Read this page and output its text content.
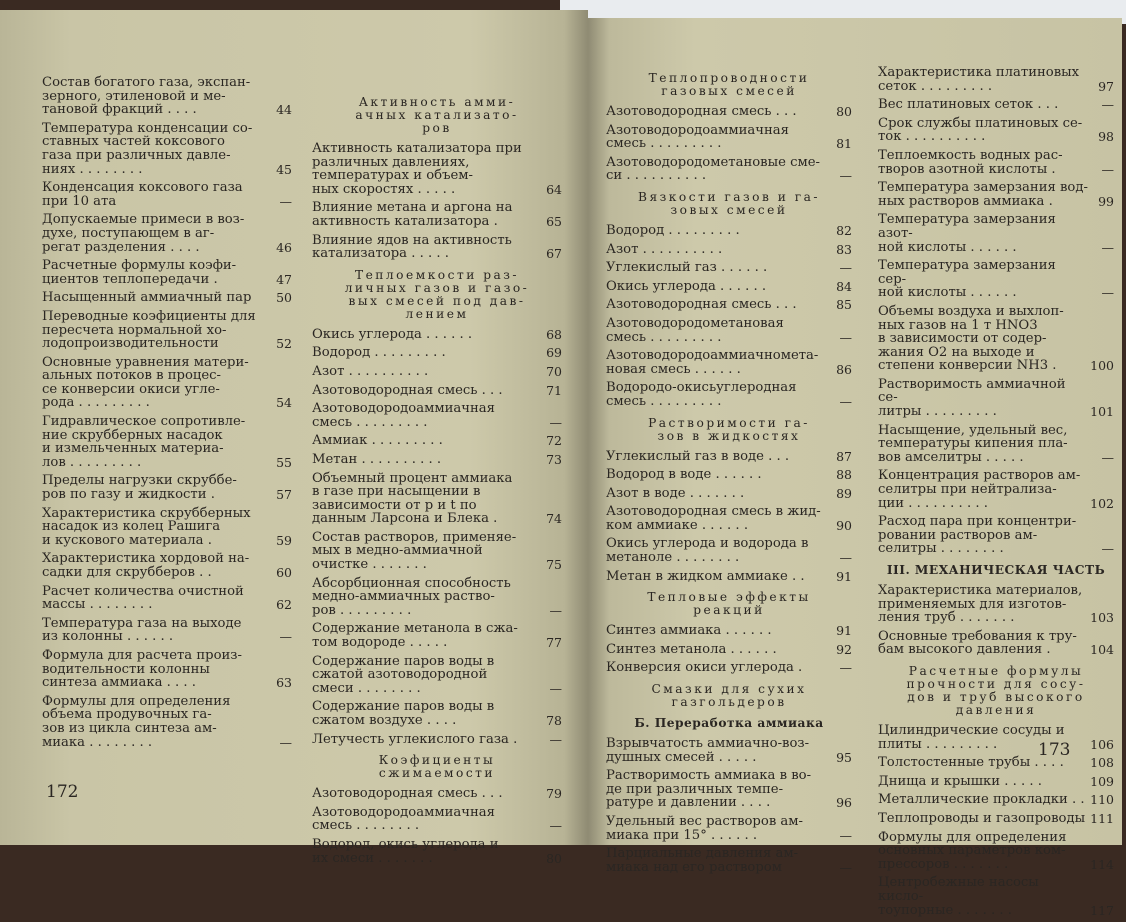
Состав богатого газа, экспан-
зерного, этиленовой и ме-
тановой фракций . . . .	44
Температура конденсации со-
ставных частей коксового
газа при различных давле-
ниях . . . . . . . .	45
Конденсация коксового газа
при 10 ата	—
Допускаемые примеси в воз-
духе, поступающем в аг-
регат разделения . . . .	46
Расчетные формулы коэфи-
циентов теплопередачи .	47
Насыщенный аммиачный пар	50
Переводные коэфициенты для
пересчета нормальной хо-
лодопроизводительности	52
Основные уравнения матери-
альных потоков в процес-
се конверсии окиси угле-
рода . . . . . . . . .	54
Гидравлическое сопротивле-
ние скрубберных насадок
и измельченных материа-
лов . . . . . . . . .	55
Пределы нагрузки скруббе-
ров по газу и жидкости .	57
Характеристика скрубберных
насадок из колец Рашига
и кускового материала .	59
Характеристика хордовой на-
садки для скрубберов . .	60
Расчет количества очистной
массы . . . . . . . .	62
Температура газа на выходе
из колонны . . . . . .	—
Формула для расчета произ-
водительности колонны
синтеза аммиака . . . .	63
Формулы для определения
объема продувочных га-
зов из цикла синтеза ам-
миака . . . . . . . .	—
Активность амми-
ачных катализато-
ров
Активность катализатора при
различных давлениях,
температурах и объем-
ных скоростях . . . . .	64
Влияние метана и аргона на
активность катализатора .	65
Влияние ядов на активность
катализатора . . . . .	67
Теплоемкости раз-
личных газов и газо-
вых смесей под дав-
лением
Окись углерода . . . . . .	68
Водород . . . . . . . . .	69
Азот . . . . . . . . . .	70
Азотоводородная смесь . . .	71
Азотоводородоаммиачная
смесь . . . . . . . . .	—
Аммиак . . . . . . . . .	72
Метан . . . . . . . . . .	73
Объемный процент аммиака
в газе при насыщении в
зависимости от p и t по
данным Ларсона и Блека .	74
Состав растворов, применяе-
мых в медно-аммиачной
очистке . . . . . . .	75
Абсорбционная способность
медно-аммиачных раство-
ров . . . . . . . . .	—
Содержание метанола в сжа-
том водороде . . . . .	77
Содержание паров воды в
сжатой азотоводородной
смеси . . . . . . . .	—
Содержание паров воды в
сжатом воздухе . . . .	78
Летучесть углекислого газа .	—
Коэфициенты
сжимаемости
Азотоводородная смесь . . .	79
Азотоводородоаммиачная
смесь . . . . . . . .	—
Водород, окись углерода и
их смеси . . . . . . .	80
172
Теплопроводности
газовых смесей
Азотоводородная смесь . . .	80
Азотоводородоаммиачная
смесь . . . . . . . . .	81
Азотоводородометановые сме-
си . . . . . . . . . .	—
Вязкости газов и га-
зовых смесей
Водород . . . . . . . . .	82
Азот . . . . . . . . . .	83
Углекислый газ . . . . . .	—
Окись углерода . . . . . .	84
Азотоводородная смесь . . .	85
Азотоводородометановая
смесь . . . . . . . . .	—
Азотоводородоаммиачномета-
новая смесь . . . . . .	86
Водородо-окисьуглеродная
смесь . . . . . . . . .	—
Растворимости га-
зов в жидкостях
Углекислый газ в воде . . .	87
Водород в воде . . . . . .	88
Азот в воде . . . . . . .	89
Азотоводородная смесь в жид-
ком аммиаке . . . . . .	90
Окись углерода и водорода в
метаноле . . . . . . . .	—
Метан в жидком аммиаке . .	91
Тепловые эффекты
реакций
Синтез аммиака . . . . . .	91
Синтез метанола . . . . . .	92
Конверсия окиси углерода .	—
Смазки для сухих
газгольдеров
Б. Переработка аммиака
Взрывчатость аммиачно-воз-
душных смесей . . . . .	95
Растворимость аммиака в во-
де при различных темпе-
ратуре и давлении . . . .	96
Удельный вес растворов ам-
миака при 15° . . . . . .	—
Парциальные давления ам-
миака над его раствором	—
Характеристика платиновых
сеток . . . . . . . . .	97
Вес платиновых сеток . . .	—
Срок службы платиновых се-
ток . . . . . . . . . .	98
Теплоемкость водных рас-
творов азотной кислоты .	—
Температура замерзания вод-
ных растворов аммиака .	99
Температура замерзания азот-
ной кислоты . . . . . .	—
Температура замерзания сер-
ной кислоты . . . . . .	—
Объемы воздуха и выхлоп-
ных газов на 1 т HNO3
в зависимости от содер-
жания O2 на выходе и
степени конверсии NH3 .	100
Растворимость аммиачной се-
литры . . . . . . . . .	101
Насыщение, удельный вес,
температуры кипения пла-
вов амселитры . . . . .	—
Концентрация растворов ам-
селитры при нейтрализа-
ции . . . . . . . . . .	102
Расход пара при концентри-
ровании растворов ам-
селитры . . . . . . . .	—
III. МЕХАНИЧЕСКАЯ ЧАСТЬ
Характеристика материалов,
применяемых для изготов-
ления труб . . . . . . .	103
Основные требования к тру-
бам высокого давления .	104
Расчетные формулы
прочности для сосу-
дов и труб высокого
давления
Цилиндрические сосуды и
плиты . . . . . . . . .	106
Толстостенные трубы . . . .	108
Днища и крышки . . . . .	109
Металлические прокладки . . 110
Теплопроводы и газопроводы 111
Формулы для определения
основных параметров ком-
прессоров . . . . . . .	114
Центробежные насосы кисло-
тоупорные . . . . . . .	117
173
